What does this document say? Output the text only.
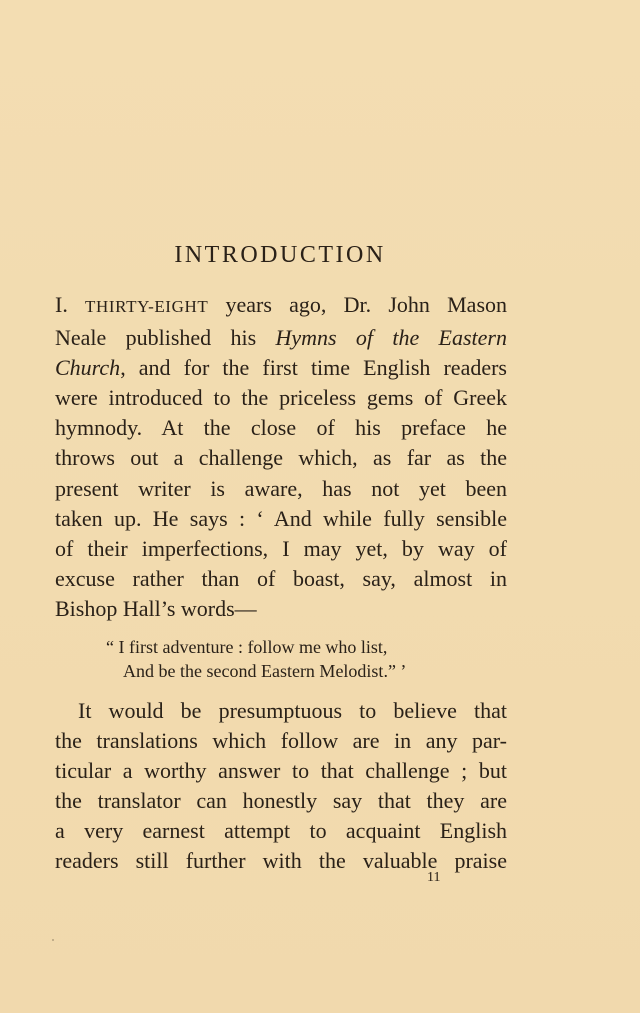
INTRODUCTION
I. THIRTY-EIGHT years ago, Dr. John Mason
Neale published his Hymns of the Eastern
Church, and for the first time English readers
were introduced to the priceless gems of Greek
hymnody. At the close of his preface he
throws out a challenge which, as far as the
present writer is aware, has not yet been
taken up. He says : ‘ And while fully sensible
of their imperfections, I may yet, by way of
excuse rather than of boast, say, almost in
Bishop Hall’s words—
“ I first adventure : follow me who list,
And be the second Eastern Melodist.” ’
It would be presumptuous to believe that
the translations which follow are in any par-
ticular a worthy answer to that challenge ; but
the translator can honestly say that they are
a very earnest attempt to acquaint English
readers still further with the valuable praise
11
